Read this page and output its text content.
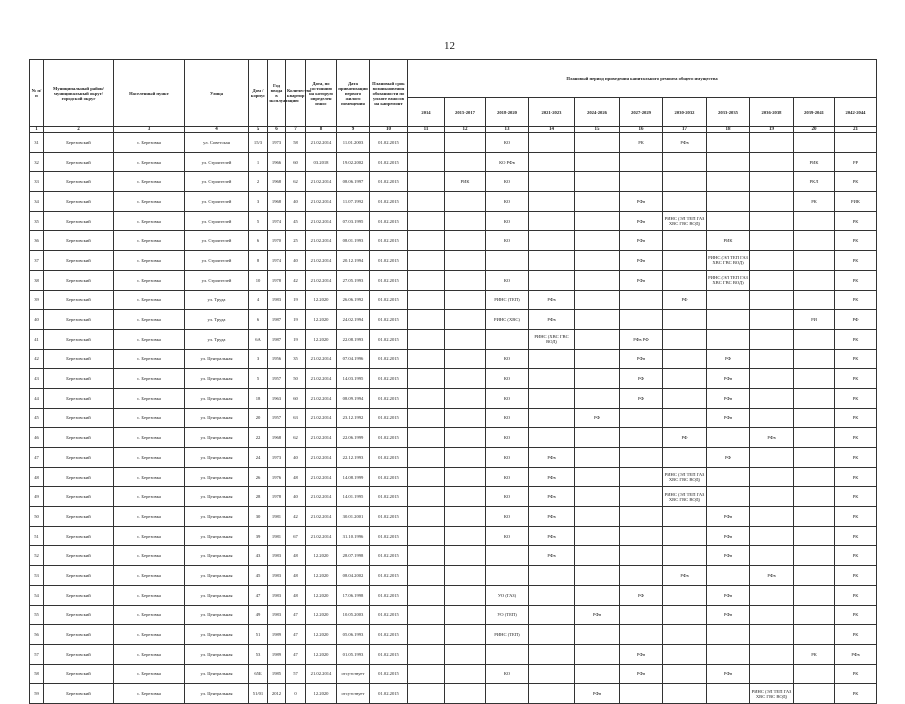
12
№ п/п	Муниципальный район/ муниципальный округ/городской округ	Населенный пункт	Улица	Дом / корпус	Год ввода в эксплуатацию	Количество квартир	Дата, по состоянию на которую определен износ	Дата приватизации первого жилого помещения	Плановый срок возникновения обязанности по уплате взносов на капремонт	Плановый период проведения капитального ремонта общего имущества										
										2014	2015-2017	2018-2020	2021-2023	2024-2026	2027-2029	2030-2032	2033-2035	2036-2038	2039-2041	2042-2044
1	2	3	4	5	6	7	8	9	10	11	12	13	14	15	16	17	18	19	20	21
31	Березовский	с. Березовка	ул. Советская	15/3	1973	58	21.02.2014	11.01.2003	01.02.2015			КО			РК	РФв				
32	Березовский	с. Березовка	ул. Строителей	1	1966	60	03.2018	19.02.2002	01.02.2015			КО РФв							РИК	РР
33	Березовский	с. Березовка	ул. Строителей	2	1968	62	21.02.2014	08.06.1997	01.02.2015		РИК	КО							РКЛ	РК
34	Березовский	с. Березовка	ул. Строителей	3	1968	40	21.02.2014	11.07.1992	01.02.2015			КО			РФв				РК	РИК
35	Березовский	с. Березовка	ул. Строителей	5	1974	45	21.02.2014	07.03.1995	01.02.2015			КО			РФв	РИНС (ЭЛ ТЕП ГАЗ ХВС ГВС ВОД)				РК
36	Березовский	с. Березовка	ул. Строителей	6	1970	25	21.02.2014	08.01.1993	01.02.2015			КО			РФв		РИК			РК
37	Березовский	с. Березовка	ул. Строителей	8	1974	40	21.02.2014	20.12.1994	01.02.2015						РФв		РИНС (ЭЛ ТЕП ГАЗ ХВС ГВС ВОД)			РК
38	Березовский	с. Березовка	ул. Строителей	10	1978	42	21.02.2014	27.05.1993	01.02.2015			КО			РФв		РИНС (ЭЛ ТЕП ГАЗ ХВС ГВС ВОД)			РК
39	Березовский	с. Березовка	ул. Труда	4	1983	19	12.2020	26.06.1992	01.02.2015			РИНС (ТЕП)	РФв			РФ				РК
40	Березовский	с. Березовка	ул. Труда	6	1987	19	12.2020	24.02.1994	01.02.2015			РИНС (ХВС)	РФв						РИ	РФ
41	Березовский	с. Березовка	ул. Труда	6А	1987	19	12.2020	22.08.1993	01.02.2015				РИНС (ХВС ГВС ВОД)		РФв РФ					РК
42	Березовский	с. Березовка	ул. Центральная	3	1956	35	21.02.2014	07.04.1996	01.02.2015			КО			РФв		РФ			РК
43	Березовский	с. Березовка	ул. Центральная	5	1957	50	21.02.2014	14.03.1995	01.02.2015			КО			РФ		РФв			РК
44	Березовский	с. Березовка	ул. Центральная	18	1963	60	21.02.2014	08.09.1994	01.02.2015			КО			РФ		РФв			РК
45	Березовский	с. Березовка	ул. Центральная	20	1957	63	21.02.2014	23.12.1992	01.02.2015			КО		РФ			РФв			РК
46	Березовский	с. Березовка	ул. Центральная	22	1968	62	21.02.2014	22.06.1999	01.02.2015			КО				РФ		РФв		РК
47	Березовский	с. Березовка	ул. Центральная	24	1973	40	21.02.2014	22.12.1993	01.02.2015			КО	РФв				РФ			РК
48	Березовский	с. Березовка	ул. Центральная	26	1976	48	21.02.2014	14.08.1999	01.02.2015			КО	РФв			РИНС (ЭЛ ТЕП ГАЗ ХВС ГВС ВОД)				РК
49	Березовский	с. Березовка	ул. Центральная	28	1978	40	21.02.2014	14.01.1995	01.02.2015			КО	РФв			РИНС (ЭЛ ТЕП ГАЗ ХВС ГВС ВОД)				РК
50	Березовский	с. Березовка	ул. Центральная	30	1981	42	21.02.2014	30.01.2001	01.02.2015			КО	РФв				РФв			РК
51	Березовский	с. Березовка	ул. Центральная	39	1981	67	21.02.2014	31.10.1996	01.02.2015			КО	РФв				РФв			РК
52	Березовский	с. Березовка	ул. Центральная	43	1983	48	12.2020	28.07.1998	01.02.2015				РФв				РФв			РК
53	Березовский	с. Березовка	ул. Центральная	45	1983	48	12.2020	08.04.2002	01.02.2015							РФв		РФв		РК
54	Березовский	с. Березовка	ул. Центральная	47	1983	48	12.2020	17.06.1998	01.02.2015			УО (ГАЗ)			РФ		РФв			РК
55	Березовский	с. Березовка	ул. Центральная	49	1983	47	12.2020	10.05.2003	01.02.2015			УО (ТЕП)		РФв			РФв			РК
56	Березовский	с. Березовка	ул. Центральная	51	1989	47	12.2020	05.06.1993	01.02.2015			РИНС (ТЕП)								РК
57	Березовский	с. Березовка	ул. Центральная	53	1989	47	12.2020	01.05.1993	01.02.2015						РФв				РК	РФв
58	Березовский	с. Березовка	ул. Центральная	65Б	1985	57	21.02.2014	отсутствует	01.02.2015			КО			РФв		РФв			РК
59	Березовский	с. Березовка	ул. Центральная	51/01	2012	0	12.2020	отсутствует	01.02.2015					РФв				РИНС (ЭЛ ТЕП ГАЗ ХВС ГВС ВОД)		РК
